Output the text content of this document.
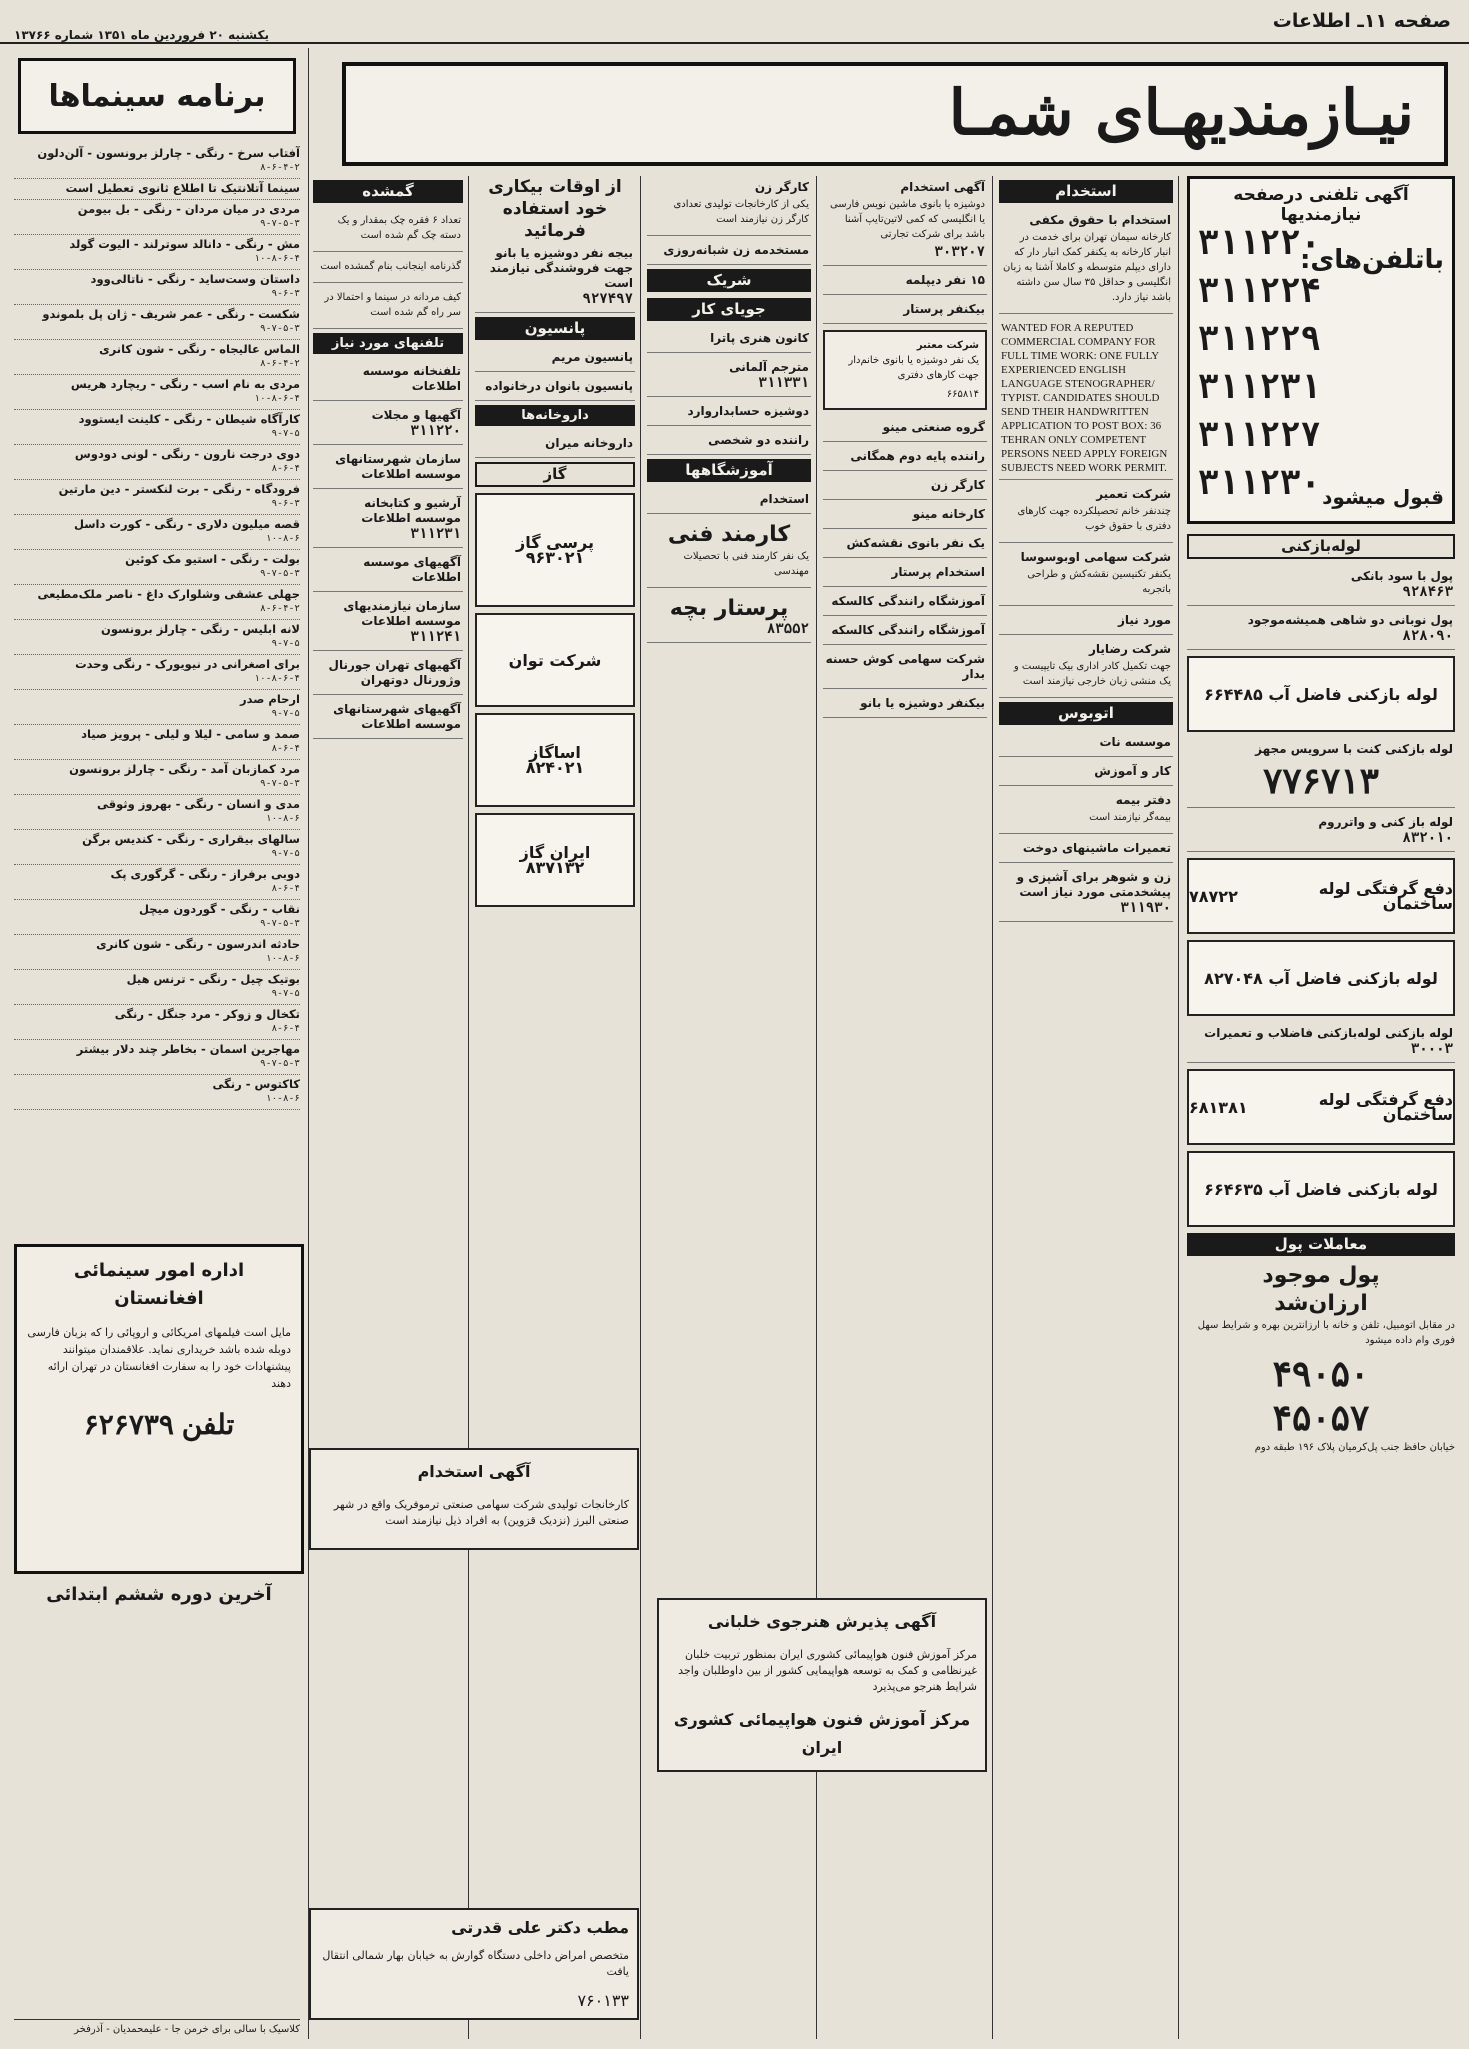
صفحه ۱۱ـ اطلاعات
یکشنبه ۲۰ فروردین ماه ۱۳۵۱ شماره ۱۳۷۶۶
نیـازمندیهـای شمـا
آگهی تلفنی درصفحه نیازمندیها
باتلفن‌های:
۳۱۱۲۲۰
۳۱۱۲۲۴
۳۱۱۲۲۹
۳۱۱۲۳۱
۳۱۱۲۲۷
۳۱۱۲۳۰ قبول میشود
لوله‌بازکنی
پول با سود بانکی
۹۲۸۴۶۳
پول نوبانی دو شاهی همیشه‌موجود
۸۲۸۰۹۰
لوله بازکنی فاضل آب

۶۶۴۴۸۵
لوله بازکنی کنت با سرویس مجهز
۷۷۶۷۱۳
لوله باز کنی و واترروم
۸۳۲۰۱۰
دفع گرفتگی لوله ساختمان

۷۸۷۲۲
لوله بازکنی فاضل آب

۸۲۷۰۴۸
لوله بازکنی لوله‌بازکنی فاضلاب و تعمیرات
۳۰۰۰۳
دفع گرفتگی لوله ساختمان

۶۸۱۳۸۱
لوله بازکنی فاضل آب

۶۶۴۶۳۵
معاملات پول
پول موجود
ارزان‌شد

در مقابل اتومبیل، تلفن و خانه با ارزانترین بهره و شرایط سهل فوری وام داده میشود

۴۹۰۵۰
۴۵۰۵۷

خیابان حافظ جنب پل‌کرمیان پلاک ۱۹۶ طبقه دوم

استخدام
استخدام با حقوق مکفی

کارخانه سیمان تهران برای خدمت در انبار کارخانه به یکنفر کمک انبار دار که دارای دیپلم متوسطه و کاملا آشنا به زبان انگلیسی و حداقل ۳۵ سال سن داشته باشد نیاز دارد.

WANTED FOR A REPUTED COMMERCIAL COMPANY FOR FULL TIME WORK: ONE FULLY EXPERIENCED ENGLISH LANGUAGE STENOGRAPHER/ TYPIST. CANDIDATES SHOULD SEND THEIR HANDWRITTEN APPLICATION TO POST BOX: 36 TEHRAN ONLY COMPETENT PERSONS NEED APPLY FOREIGN SUBJECTS NEED WORK PERMIT.
شرکت تعمیر

چندنفر خانم تحصیلکرده جهت کارهای دفتری با حقوق خوب

شرکت سهامی اوبوسوسا

یکنفر تکنیسین نقشه‌کش و طراحی باتجربه

مورد نیاز
شرکت رضایار

جهت تکمیل کادر اداری بیک تایپیست و یک منشی زبان خارجی نیازمند است

اتوبوس
موسسه نات
کار و آموزش
دفتر بیمه

بیمه‌گر نیازمند است

تعمیرات ماشینهای دوخت
زن و شوهر برای آشپزی و پیشخدمتی مورد نیاز است
۳۱۱۹۳۰
آگهی استخدام

دوشیزه یا بانوی ماشین نویس فارسی یا انگلیسی که کمی لاتین‌تایپ آشنا باشد برای شرکت تجارتی

۳۰۳۲۰۷
۱۵ نفر دیپلمه
بیکنفر پرستار
شرکت معتبر

یک نفر دوشیزه یا بانوی خانم‌دار جهت کارهای دفتری

۶۶۵۸۱۴
گروه صنعتی مینو
راننده پایه دوم همگانی
کارگر زن
کارخانه مینو
یک نفر بانوی نقشه‌کش
استخدام پرستار
آموزشگاه رانندگی کالسکه
آموزشگاه رانندگی کالسکه
شرکت سهامی کوش حسنه بدار
بیکنفر دوشیزه یا بانو
کارگر زن

یکی از کارخانجات تولیدی تعدادی کارگر زن نیازمند است

مستخدمه زن شبانه‌روزی
شریک
جویای کار
کانون هنری پاترا
مترجم آلمانی
۳۱۱۳۳۱
دوشیزه حسابداروارد
راننده دو شخصی
آموزشگاهها
استخدام
کارمند فنی

یک نفر کارمند فنی با تحصیلات مهندسی

پرستار بچه
۸۳۵۵۲
از اوقات بیکاری خود استفاده فرمائید
بیجه نفر دوشیزه یا بانو جهت فروشندگی نیازمند است
۹۲۷۴۹۷
پانسیون
پانسیون مریم
پانسیون بانوان درخانواده
داروخانه‌ها
داروخانه میران
گاز
پرسی گاز
۹۶۳۰۲۱
شرکت توان
اساگاز
۸۲۴۰۲۱
ایران گاز
۸۳۷۱۳۲
گمشده

تعداد ۶ فقره چک بمقدار و یک دسته چک گم شده است

گذرنامه اینجانب بنام گمشده است

کیف مردانه در سینما و احتمالا در سر راه گم شده است

تلفنهای مورد نیاز
تلفنخانه موسسه اطلاعات
آگهیها و مجلات
۳۱۱۲۲۰
سازمان شهرستانهای موسسه اطلاعات
آرشیو و کتابخانه موسسه اطلاعات
۳۱۱۲۳۱
آگهیهای موسسه اطلاعات
سازمان نیازمندیهای موسسه اطلاعات
۳۱۱۲۴۱
آگهیهای تهران جورنال وژورنال دوتهران
آگهیهای شهرستانهای موسسه اطلاعات
اداره امور سینمائی افغانستان

مایل است فیلمهای امریکائی و اروپائی را که بزبان فارسی دوبله شده باشد خریداری نماید. علاقمندان میتوانند پیشنهادات خود را به سفارت افغانستان در تهران ارائه دهند

تلفن ۶۲۶۷۳۹
آخرین دوره ششم ابتدائی
آگهی پذیرش هنرجوی خلبانی

مرکز آموزش فنون هواپیمائی کشوری ایران بمنظور تربیت خلبان غیرنظامی و کمک به توسعه هواپیمایی کشور از بین داوطلبان واجد شرایط هنرجو می‌پذیرد

مرکز آموزش فنون هواپیمائی کشوری ایران
آگهی استخدام

کارخانجات تولیدی شرکت سهامی صنعتی ترموفریک واقع در شهر صنعتی البرز (نزدیک قزوین) به افراد ذیل نیازمند است

مطب دکتر علی قدرتی

متخصص امراض داخلی دستگاه گوارش به خیابان بهار شمالی انتقال یافت

۷۶۰۱۳۳
برنامه سینماها
آفتاب سرخ - رنگی - چارلز برونسون - آلن‌دلون
۸-۶-۴-۲
سینما آتلانتیک تا اطلاع ثانوی تعطیل است
مردی در میان مردان - رنگی - بل بیومن
۹-۷-۵-۳
مش - رنگی - دانالد سوترلند - الیوت گولد
۱۰-۸-۶-۴
داستان وست‌ساید - رنگی - ناتالی‌وود
۹-۶-۳
شکست - رنگی - عمر شریف - ژان پل بلموندو
۹-۷-۵-۳
الماس عالیجاه - رنگی - شون کانری
۸-۶-۴-۲
مردی به نام اسب - رنگی - ریچارد هریس
۱۰-۸-۶-۴
کارآگاه شیطان - رنگی - کلینت ایستوود
۹-۷-۵
دوی درجت نارون - رنگی - لونی دودوس
۸-۶-۴
فرودگاه - رنگی - برت لنکستر - دین مارتین
۹-۶-۳
قصه میلیون دلاری - رنگی - کورت داسل
۱۰-۸-۶
بولت - رنگی - استیو مک کوئین
۹-۷-۵-۳
جهلی عشقی وشلوارک داغ - ناصر ملک‌مطیعی
۸-۶-۴-۲
لانه ابلیس - رنگی - چارلز برونسون
۹-۷-۵
برای اصغرانی در نیویورک - رنگی وحدت
۱۰-۸-۶-۴
ارحام صدر
۹-۷-۵
صمد و سامی - لیلا و لیلی - پرویز صیاد
۸-۶-۴
مرد کمازبان آمد - رنگی - چارلز برونسون
۹-۷-۵-۳
مدی و انسان - رنگی - بهروز وثوقی
۱۰-۸-۶
سالهای بیقراری - رنگی - کندیس برگن
۹-۷-۵
دوبی برفراز - رنگی - گرگوری پک
۸-۶-۴
نقاب - رنگی - گوردون میچل
۹-۷-۵-۳
حادثه اندرسون - رنگی - شون کانری
۱۰-۸-۶
بوتیک چیل - رنگی - ترنس هیل
۹-۷-۵
تکخال و زوکر - مرد جنگل - رنگی
۸-۶-۴
مهاجرین اسمان - بخاطر چند دلار بیشتر
۹-۷-۵-۳
کاکتوس - رنگی
۱۰-۸-۶
کلاسیک با سالی برای خرمن جا - علیمحمدیان - آذرفخر
